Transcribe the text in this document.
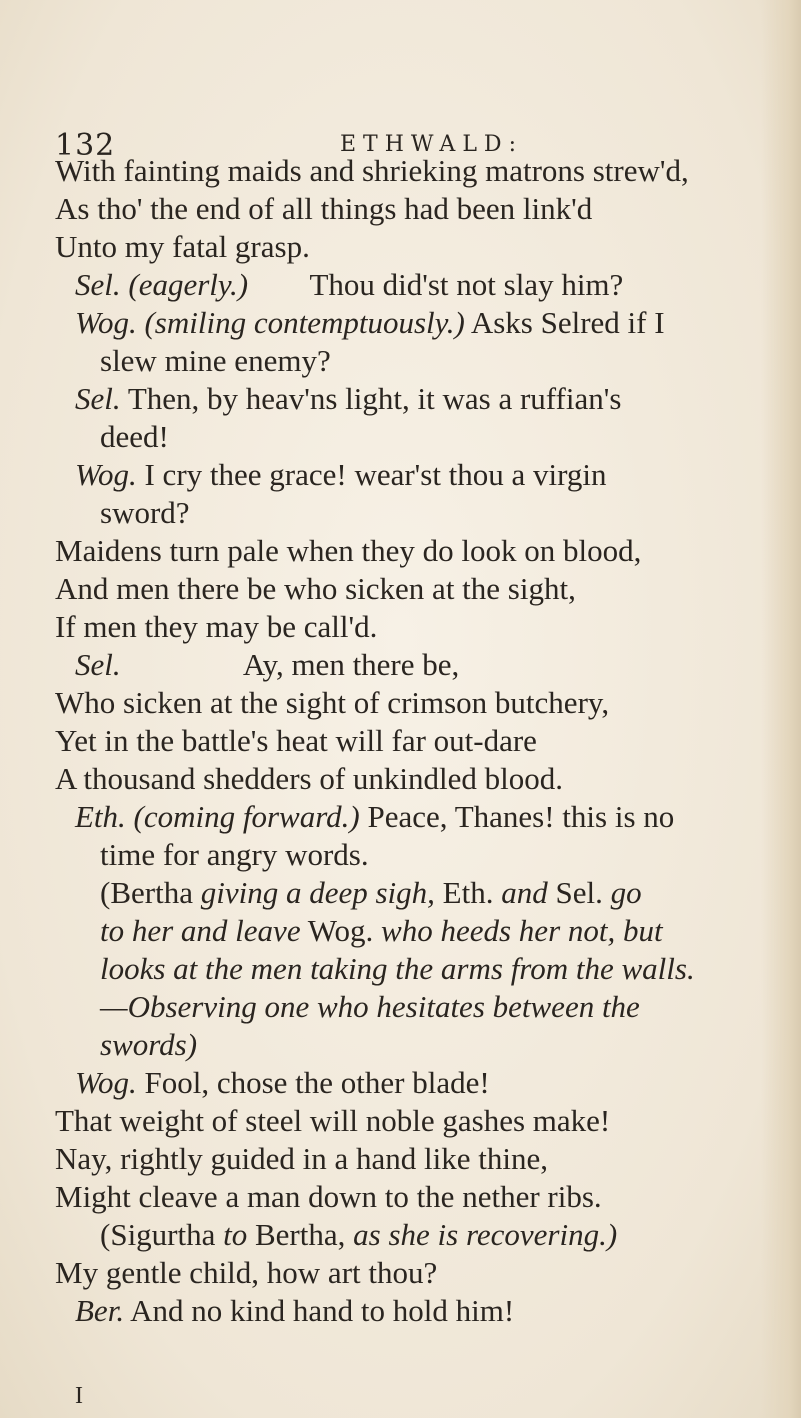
132	ETHWALD:
With fainting maids and shrieking matrons strew'd,
As tho' the end of all things had been link'd
Unto my fatal grasp.
Sel. (eagerly.)        Thou did'st not slay him?
Wog. (smiling contemptuously.) Asks Selred if I
slew mine enemy?
Sel. Then, by heav'ns light, it was a ruffian's
deed!
Wog. I cry thee grace! wear'st thou a virgin
sword?
Maidens turn pale when they do look on blood,
And men there be who sicken at the sight,
If men they may be call'd.
Sel.                Ay, men there be,
Who sicken at the sight of crimson butchery,
Yet in the battle's heat will far out-dare
A thousand shedders of unkindled blood.
Eth. (coming forward.) Peace, Thanes! this is no
time for angry words.
(Bertha giving a deep sigh, Eth. and Sel. go
to her and leave Wog. who heeds her not, but
looks at the men taking the arms from the walls.
—Observing one who hesitates between the
swords)
Wog. Fool, chose the other blade!
That weight of steel will noble gashes make!
Nay, rightly guided in a hand like thine,
Might cleave a man down to the nether ribs.
(Sigurtha to Bertha, as she is recovering.)
My gentle child, how art thou?
Ber. And no kind hand to hold him!
I
